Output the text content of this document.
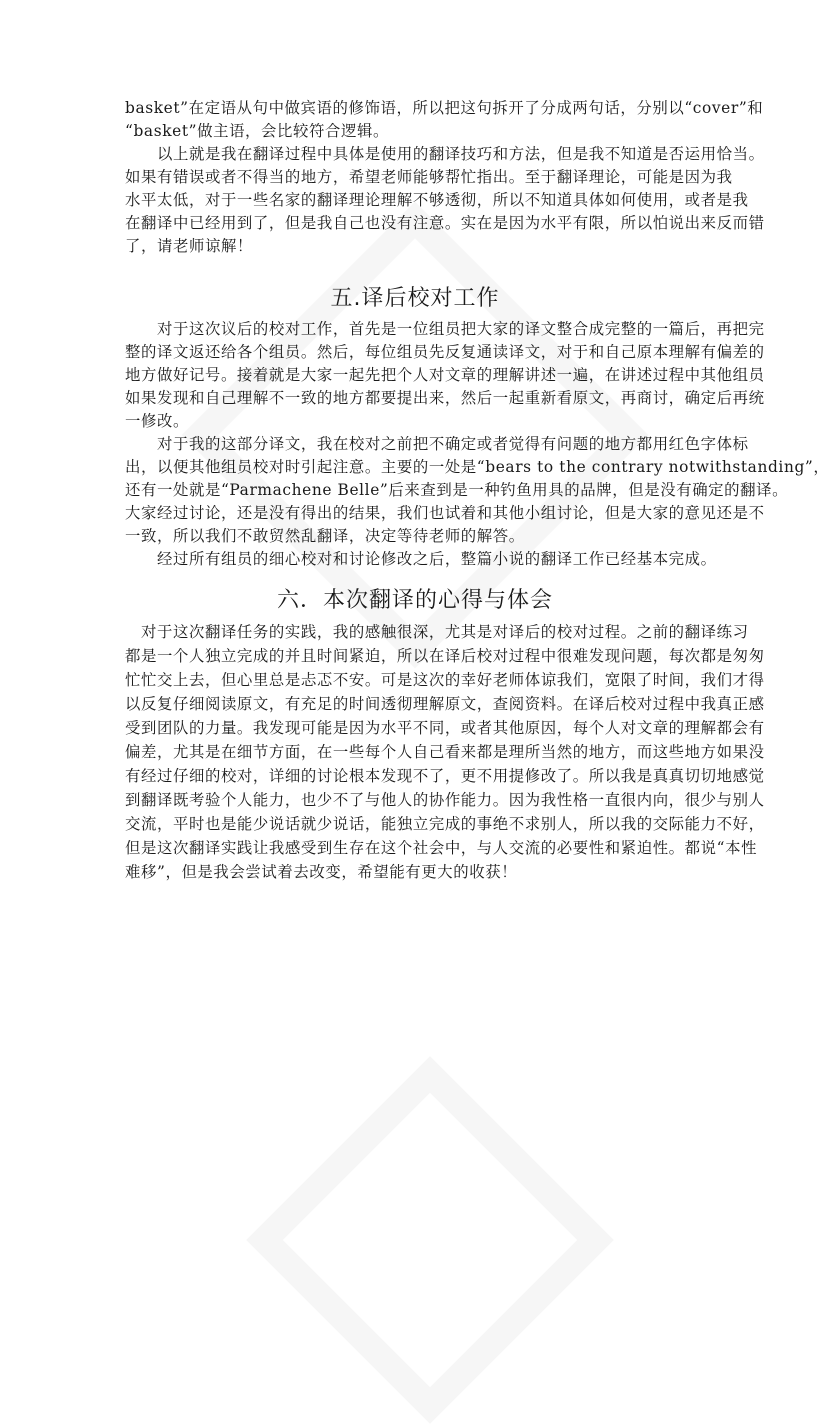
basket”在定语从句中做宾语的修饰语，所以把这句拆开了分成两句话，分别以“cover”和
“basket”做主语，会比较符合逻辑。
　　以上就是我在翻译过程中具体是使用的翻译技巧和方法，但是我不知道是否运用恰当。
如果有错误或者不得当的地方，希望老师能够帮忙指出。至于翻译理论，可能是因为我
水平太低，对于一些名家的翻译理论理解不够透彻，所以不知道具体如何使用，或者是我
在翻译中已经用到了，但是我自己也没有注意。实在是因为水平有限，所以怕说出来反而错
了，请老师谅解！
五.译后校对工作
　　对于这次议后的校对工作，首先是一位组员把大家的译文整合成完整的一篇后，再把完
整的译文返还给各个组员。然后，每位组员先反复通读译文，对于和自己原本理解有偏差的
地方做好记号。接着就是大家一起先把个人对文章的理解讲述一遍，在讲述过程中其他组员
如果发现和自己理解不一致的地方都要提出来，然后一起重新看原文，再商讨，确定后再统
一修改。
　　对于我的这部分译文，我在校对之前把不确定或者觉得有问题的地方都用红色字体标
出，以便其他组员校对时引起注意。主要的一处是“bears to the contrary notwithstanding”，
还有一处就是“Parmachene Belle”后来查到是一种钓鱼用具的品牌，但是没有确定的翻译。
大家经过讨论，还是没有得出的结果，我们也试着和其他小组讨论，但是大家的意见还是不
一致，所以我们不敢贸然乱翻译，决定等待老师的解答。
　　经过所有组员的细心校对和讨论修改之后，整篇小说的翻译工作已经基本完成。
六．本次翻译的心得与体会
　对于这次翻译任务的实践，我的感触很深，尤其是对译后的校对过程。之前的翻译练习
都是一个人独立完成的并且时间紧迫，所以在译后校对过程中很难发现问题，每次都是匆匆
忙忙交上去，但心里总是忐忑不安。可是这次的幸好老师体谅我们，宽限了时间，我们才得
以反复仔细阅读原文，有充足的时间透彻理解原文，查阅资料。在译后校对过程中我真正感
受到团队的力量。我发现可能是因为水平不同，或者其他原因，每个人对文章的理解都会有
偏差，尤其是在细节方面，在一些每个人自己看来都是理所当然的地方，而这些地方如果没
有经过仔细的校对，详细的讨论根本发现不了，更不用提修改了。所以我是真真切切地感觉
到翻译既考验个人能力，也少不了与他人的协作能力。因为我性格一直很内向，很少与别人
交流，平时也是能少说话就少说话，能独立完成的事绝不求别人，所以我的交际能力不好，
但是这次翻译实践让我感受到生存在这个社会中，与人交流的必要性和紧迫性。都说“本性
难移”，但是我会尝试着去改变，希望能有更大的收获！
